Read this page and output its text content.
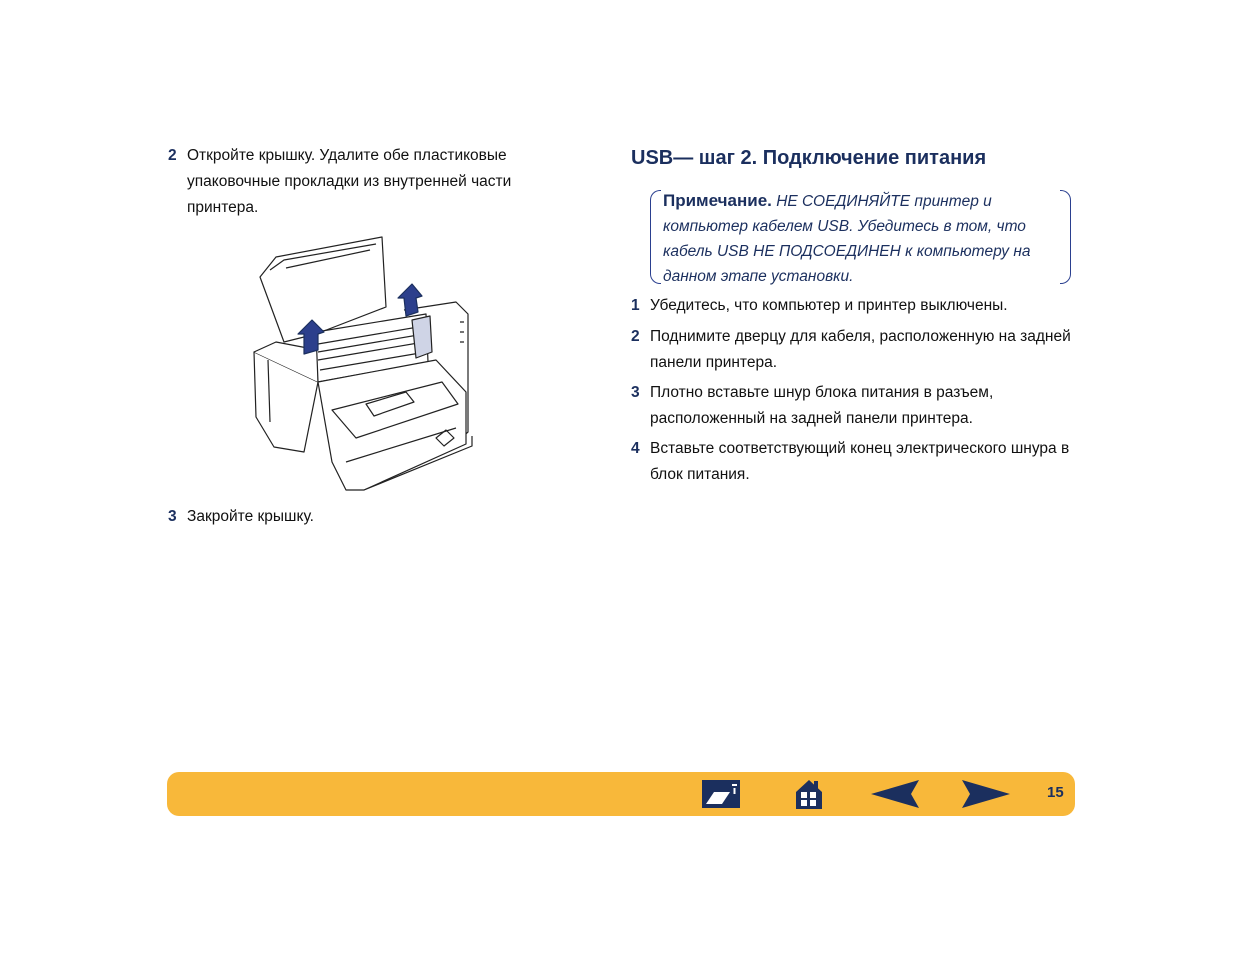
2 Откройте крышку. Удалите обе пластиковые упаковочные прокладки из внутренней части принтера.
3 Закройте крышку.
USB— шаг 2. Подключение питания
Примечание. НЕ СОЕДИНЯЙТЕ принтер и компьютер кабелем USB. Убедитесь в том, что кабель USB НЕ ПОДСОЕДИНЕН к компьютеру на данном этапе установки.
1 Убедитесь, что компьютер и принтер выключены.
2 Поднимите дверцу для кабеля, расположенную на задней панели принтера.
3 Плотно вставьте шнур блока питания в разъем, расположенный на задней панели принтера.
4 Вставьте соответствующий конец электрического шнура в блок питания.
15
